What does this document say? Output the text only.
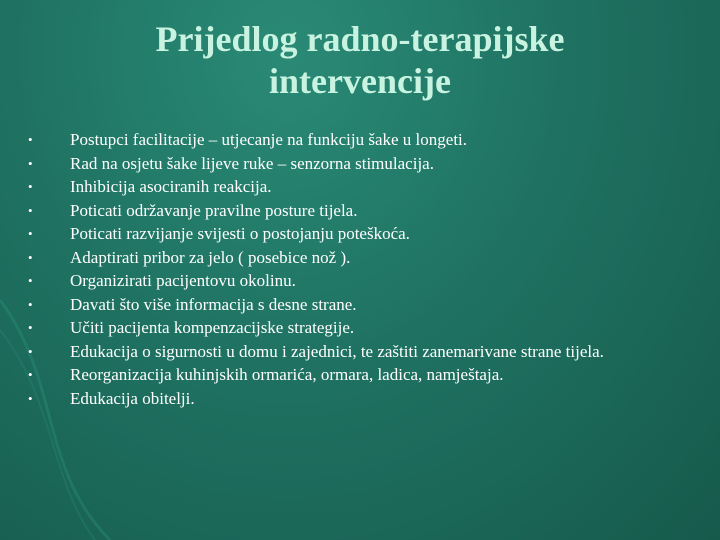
Prijedlog radno-terapijske
intervencije
• Postupci facilitacije – utjecanje na funkciju šake u longeti.
• Rad na osjetu šake lijeve ruke – senzorna stimulacija.
• Inhibicija asociranih reakcija.
• Poticati održavanje pravilne posture tijela.
• Poticati razvijanje svijesti o postojanju poteškoća.
• Adaptirati pribor za jelo ( posebice nož ).
• Organizirati pacijentovu okolinu.
• Davati što više informacija s desne strane.
• Učiti pacijenta kompenzacijske strategije.
• Edukacija o sigurnosti u domu i zajednici, te zaštiti zanemarivane strane tijela.
• Reorganizacija kuhinjskih ormarića, ormara, ladica, namještaja.
• Edukacija obitelji.
